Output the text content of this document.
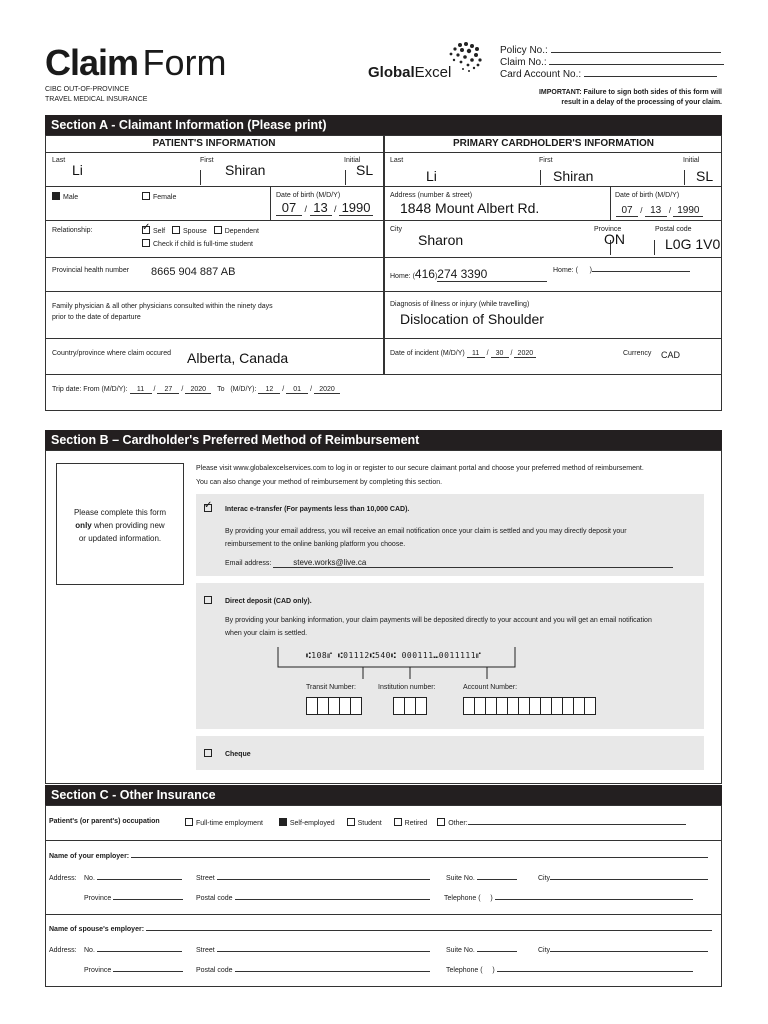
Claim Form
CIBC OUT-OF-PROVINCE
TRAVEL MEDICAL INSURANCE
GlobalExcel
Policy No.:
Claim No.:
Card Account No.:
IMPORTANT: Failure to sign both sides of this form will
result in a delay of the processing of your claim.
Section A - Claimant Information (Please print)
PATIENT'S INFORMATION	PRIMARY CARDHOLDER'S INFORMATION
Last
Li
First
Shiran
Initial
SL
Last
Li
First
Shiran
Initial
SL
Male	Female	Date of birth (M/D/Y)
07 / 13 / 1990
Address (number & street)
1848 Mount Albert Rd.
Date of birth (M/D/Y)
07 / 13 / 1990
Relationship:
✓	Self	Spouse	Dependent
Check if child is full-time student
City
Sharon
Province
ON
Postal code
L0G 1V0
Provincial health number 8665 904 887 AB	Home: (416)274 3390	Home: (      )
Family physician & all other physicians consulted within the ninety days
prior to the date of departure
Diagnosis of illness or injury (while travelling)
Dislocation of Shoulder
Country/province where claim occured Alberta, Canada	Date of incident (M/D/Y) 11 / 30 / 2020	Currency CAD
Trip date: From (M/D/Y): 11 / 27 / 2020 To (M/D/Y): 12 / 01 / 2020
Section B – Cardholder's Preferred Method of Reimbursement
Please complete this form
only when providing new
or updated information.
Please visit www.globalexcelservices.com to log in or register to our secure claimant portal and choose your preferred method of reimbursement.
You can also change your method of reimbursement by completing this section.
✓ Interac e-transfer (For payments less than 10,000 CAD).
By providing your email address, you will receive an email notification once your claim is settled and you may directly deposit your
reimbursement to the online banking platform you choose.
Email address:	steve.works@live.ca
Direct deposit (CAD only).
By providing your banking information, your claim payments will be deposited directly to your account and you will get an email notification
when your claim is settled.
⑆108⑈ ⑆01112⑆540⑆ 000111⑉0011111⑈
Transit Number:	Institution number:	Account Number:
Cheque
Section C - Other Insurance
Patient's (or parent's) occupation	Full-time employment	Self-employed	Student	Retired	Other:
Name of your employer:
Address: No.	Street	Suite No.	City
Province	Postal code	Telephone ( )
Name of spouse's employer:
Address: No.	Street	Suite No.	City
Province	Postal code	Telephone ( )
